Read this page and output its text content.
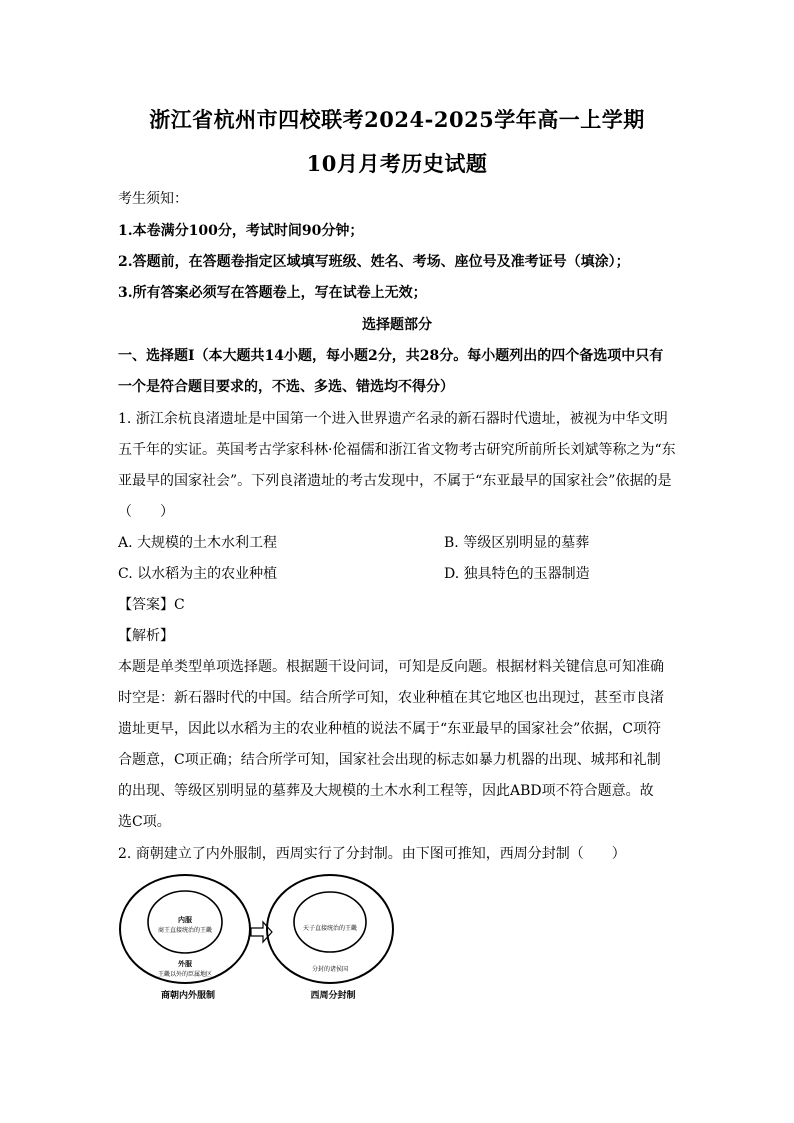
浙江省杭州市四校联考2024-2025学年高一上学期
10月月考历史试题
考生须知：
1.本卷满分100分，考试时间90分钟；
2.答题前，在答题卷指定区域填写班级、姓名、考场、座位号及准考证号（填涂）；
3.所有答案必须写在答题卷上，写在试卷上无效；
选择题部分
一、选择题Ⅰ（本大题共14小题，每小题2分，共28分。每小题列出的四个备选项中只有
一个是符合题目要求的，不选、多选、错选均不得分）
1. 浙江余杭良渚遗址是中国第一个进入世界遗产名录的新石器时代遗址，被视为中华文明
五千年的实证。英国考古学家科林·伦福儒和浙江省文物考古研究所前所长刘斌等称之为“东
亚最早的国家社会”。下列良渚遗址的考古发现中，不属于“东亚最早的国家社会”依据的是
（　　）
A. 大规模的土木水利工程	B. 等级区别明显的墓葬
C. 以水稻为主的农业种植	D. 独具特色的玉器制造
【答案】C
【解析】
本题是单类型单项选择题。根据题干设问词，可知是反向题。根据材料关键信息可知准确
时空是：新石器时代的中国。结合所学可知，农业种植在其它地区也出现过，甚至市良渚
遗址更早，因此以水稻为主的农业种植的说法不属于“东亚最早的国家社会”依据，C项符
合题意，C项正确；结合所学可知，国家社会出现的标志如暴力机器的出现、城邦和礼制
的出现、等级区别明显的墓葬及大规模的土木水利工程等，因此ABD项不符合题意。故
选C项。
2. 商朝建立了内外服制，西周实行了分封制。由下图可推知，西周分封制（　　）
内服
商王直接统治的王畿
外服
王畿以外的臣属地区
天子直接统治的王畿
分封的诸侯国
商朝内外服制	西周分封制
